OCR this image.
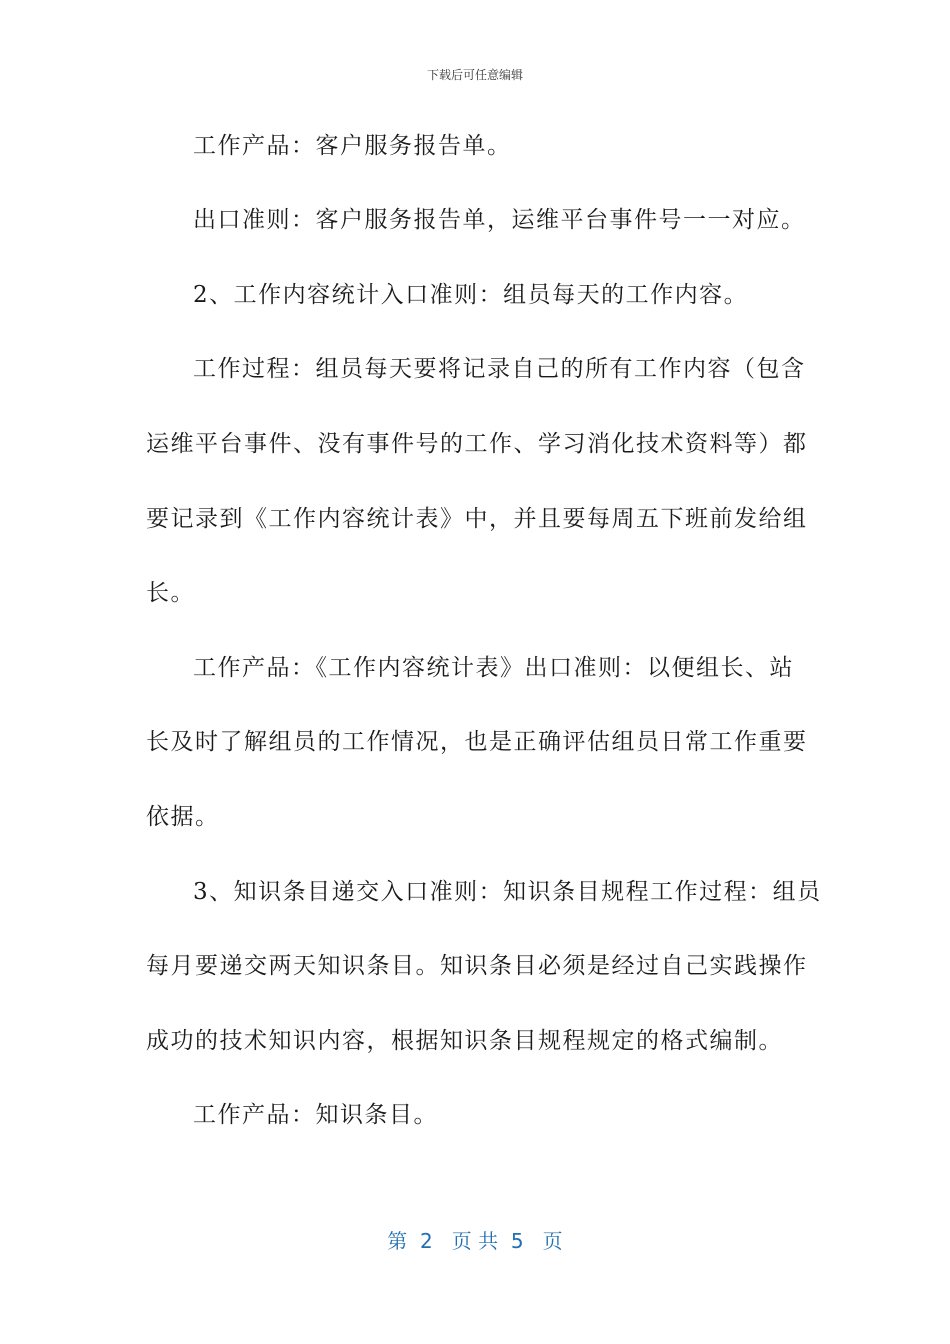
下载后可任意编辑
工作产品：客户服务报告单。
出口准则：客户服务报告单，运维平台事件号一一对应。
2、工作内容统计入口准则：组员每天的工作内容。
工作过程：组员每天要将记录自己的所有工作内容（包含
运维平台事件、没有事件号的工作、学习消化技术资料等）都
要记录到《工作内容统计表》中，并且要每周五下班前发给组
长。
工作产品：《工作内容统计表》出口准则：以便组长、站
长及时了解组员的工作情况，也是正确评估组员日常工作重要
依据。
3、知识条目递交入口准则：知识条目规程工作过程：组员
每月要递交两天知识条目。知识条目必须是经过自己实践操作
成功的技术知识内容，根据知识条目规程规定的格式编制。
工作产品：知识条目。
第  2   页 共  5   页
